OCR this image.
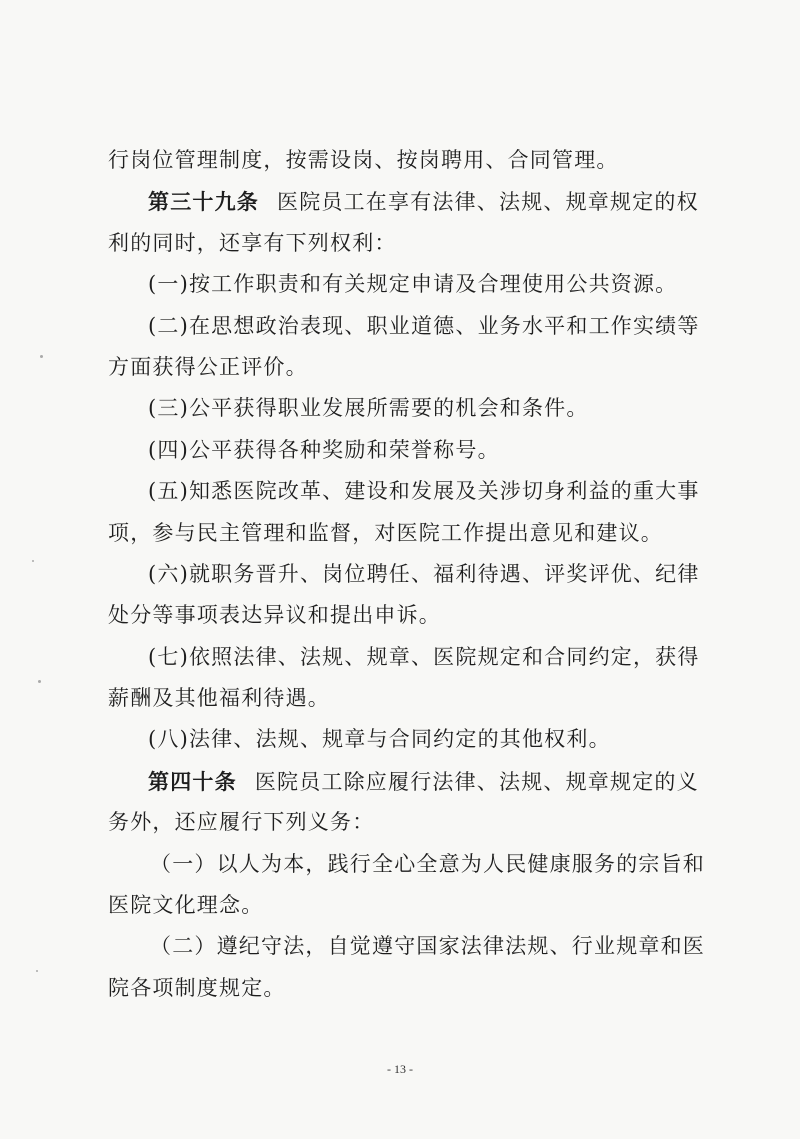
行岗位管理制度，按需设岗、按岗聘用、合同管理。
第三十九条 医院员工在享有法律、法规、规章规定的权
利的同时，还享有下列权利：
(一)按工作职责和有关规定申请及合理使用公共资源。
(二)在思想政治表现、职业道德、业务水平和工作实绩等
方面获得公正评价。
(三)公平获得职业发展所需要的机会和条件。
(四)公平获得各种奖励和荣誉称号。
(五)知悉医院改革、建设和发展及关涉切身利益的重大事
项，参与民主管理和监督，对医院工作提出意见和建议。
(六)就职务晋升、岗位聘任、福利待遇、评奖评优、纪律
处分等事项表达异议和提出申诉。
(七)依照法律、法规、规章、医院规定和合同约定，获得
薪酬及其他福利待遇。
(八)法律、法规、规章与合同约定的其他权利。
第四十条 医院员工除应履行法律、法规、规章规定的义
务外，还应履行下列义务：
（一）以人为本，践行全心全意为人民健康服务的宗旨和
医院文化理念。
（二）遵纪守法，自觉遵守国家法律法规、行业规章和医
院各项制度规定。
- 13 -
